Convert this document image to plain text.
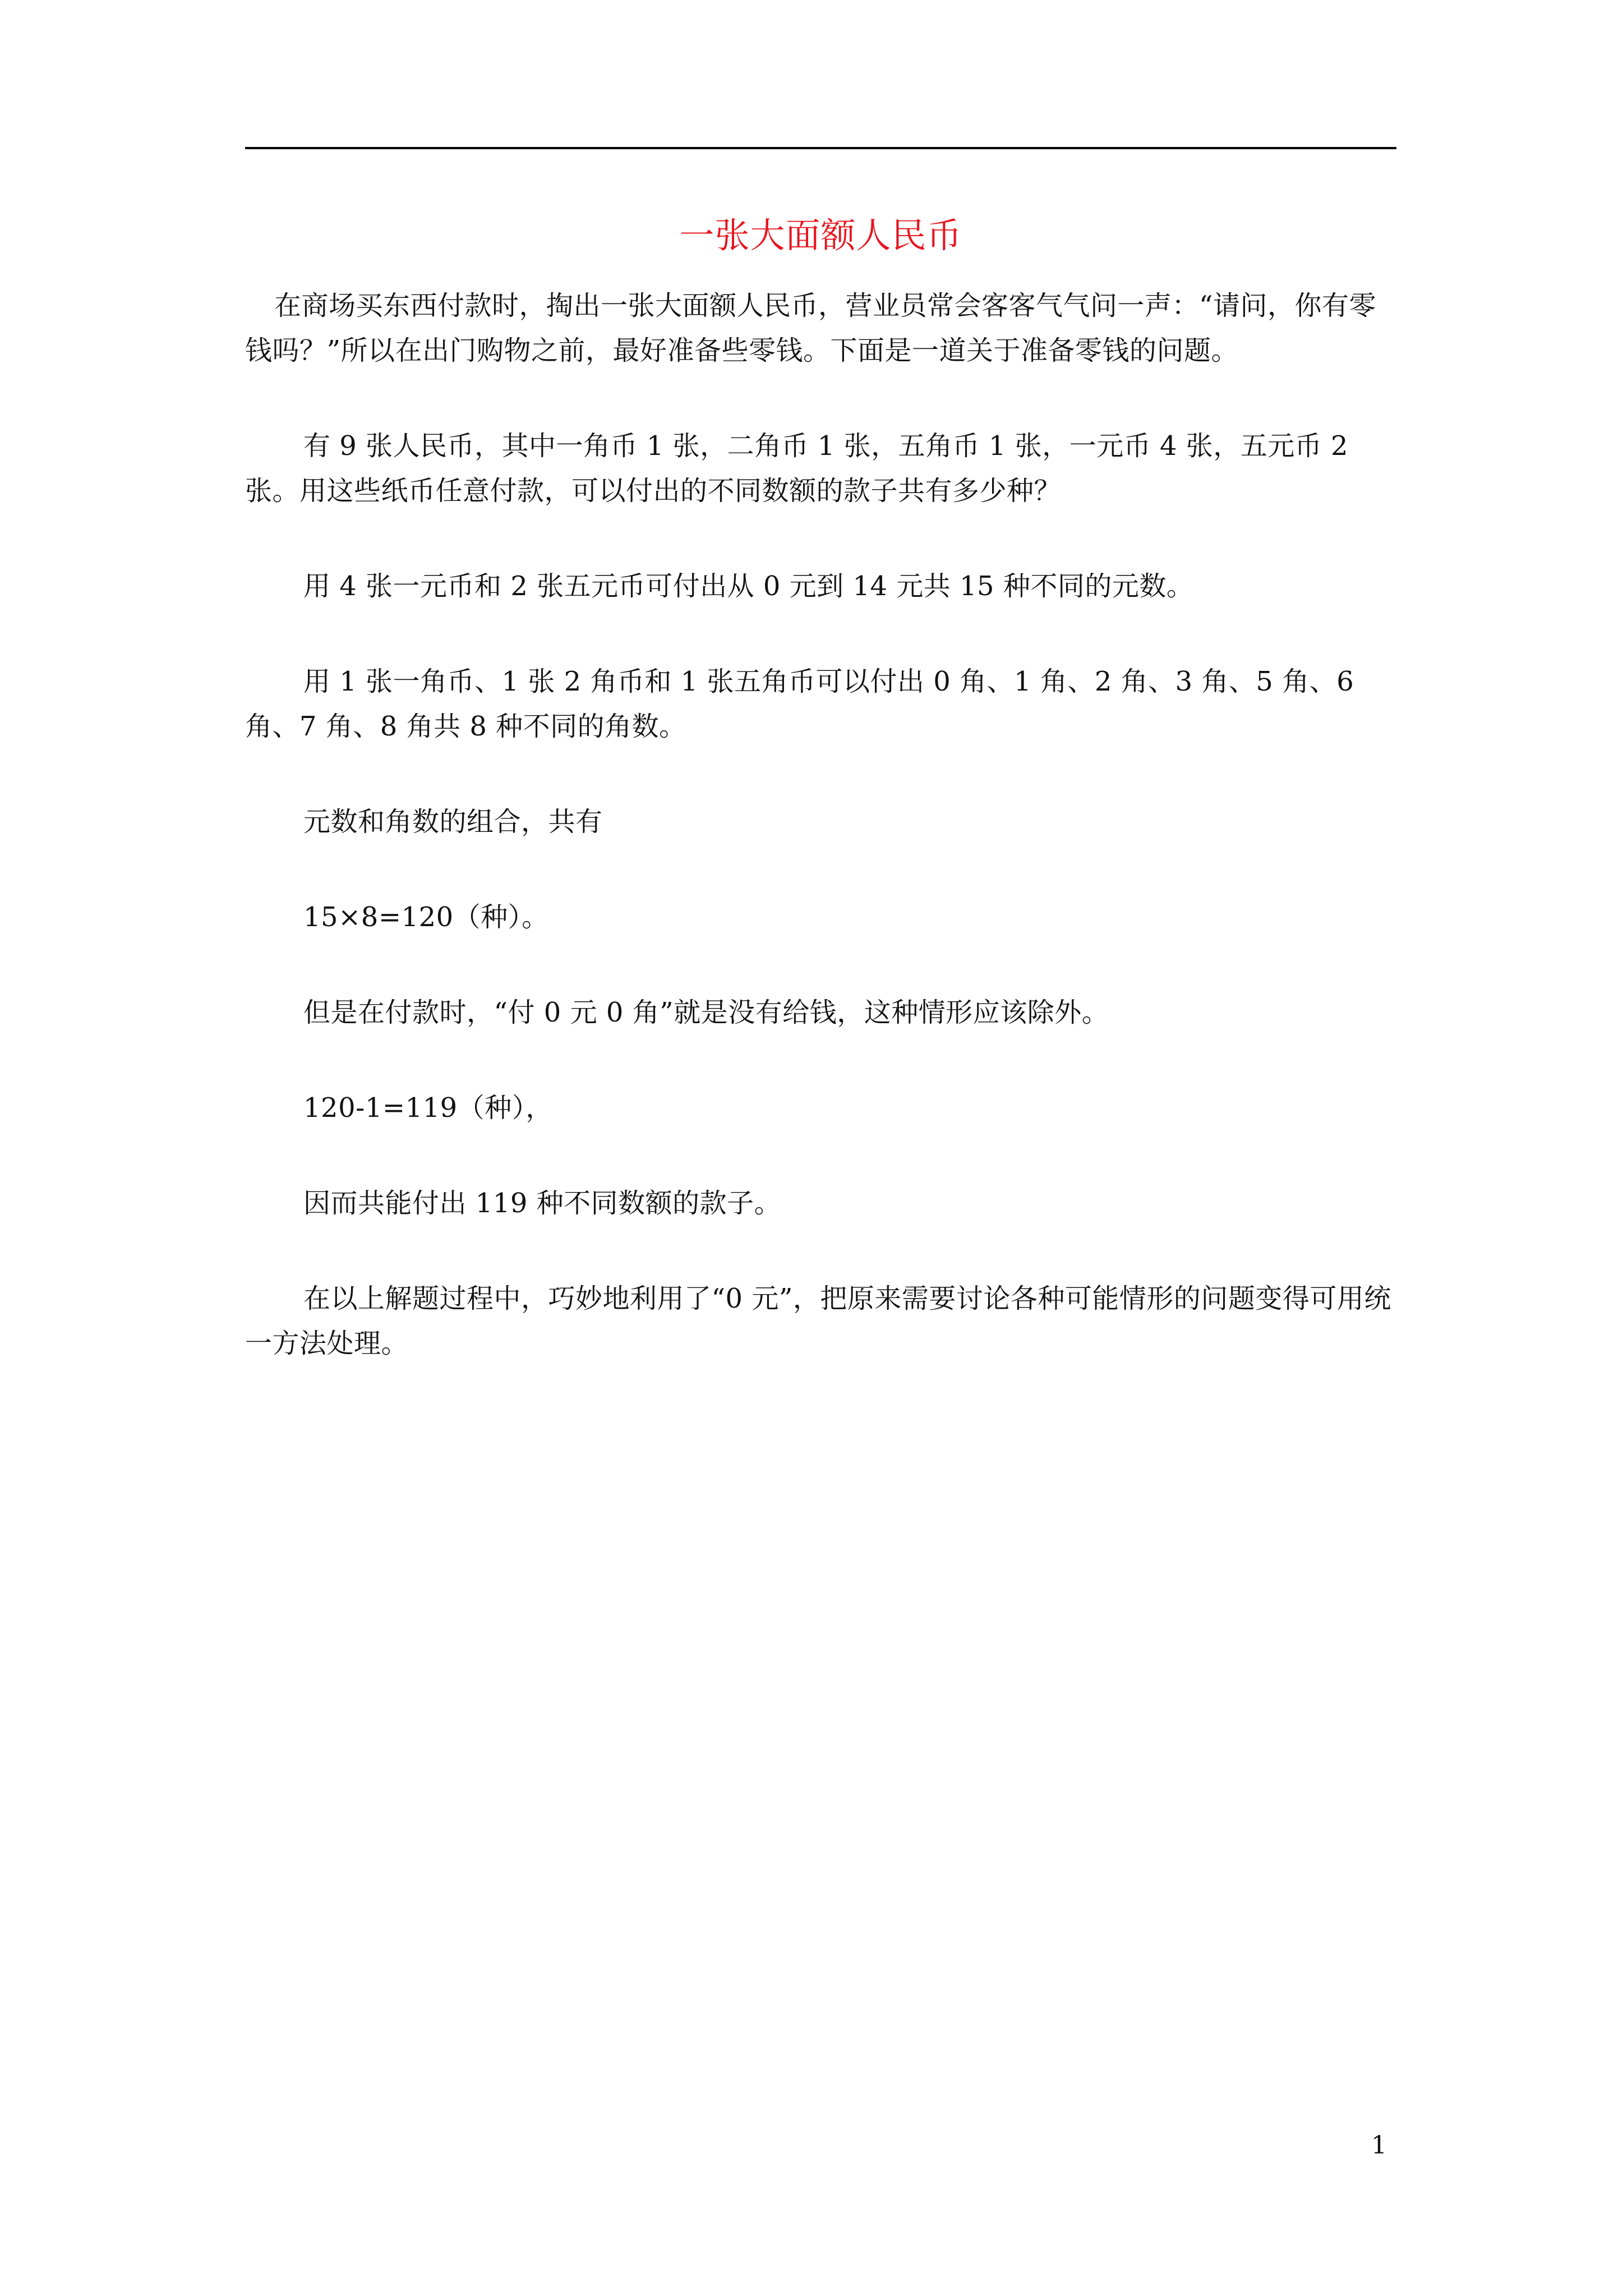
一张大面额人民币

在商场买东西付款时，掏出一张大面额人民币，营业员常会客客气气问一声：“请问，你有零钱吗？”所以在出门购物之前，最好准备些零钱。下面是一道关于准备零钱的问题。

有 9 张人民币，其中一角币 1 张，二角币 1 张，五角币 1 张，一元币 4 张，五元币 2 张。用这些纸币任意付款，可以付出的不同数额的款子共有多少种？

用 4 张一元币和 2 张五元币可付出从 0 元到 14 元共 15 种不同的元数。

用 1 张一角币、1 张 2 角币和 1 张五角币可以付出 0 角、1 角、2 角、3 角、5 角、6 角、7 角、8 角共 8 种不同的角数。

元数和角数的组合，共有

15×8=120（种）。

但是在付款时，“付 0 元 0 角”就是没有给钱，这种情形应该除外。

120-1=119（种），

因而共能付出 119 种不同数额的款子。

在以上解题过程中，巧妙地利用了“0 元”，把原来需要讨论各种可能情形的问题变得可用统一方法处理。

1
